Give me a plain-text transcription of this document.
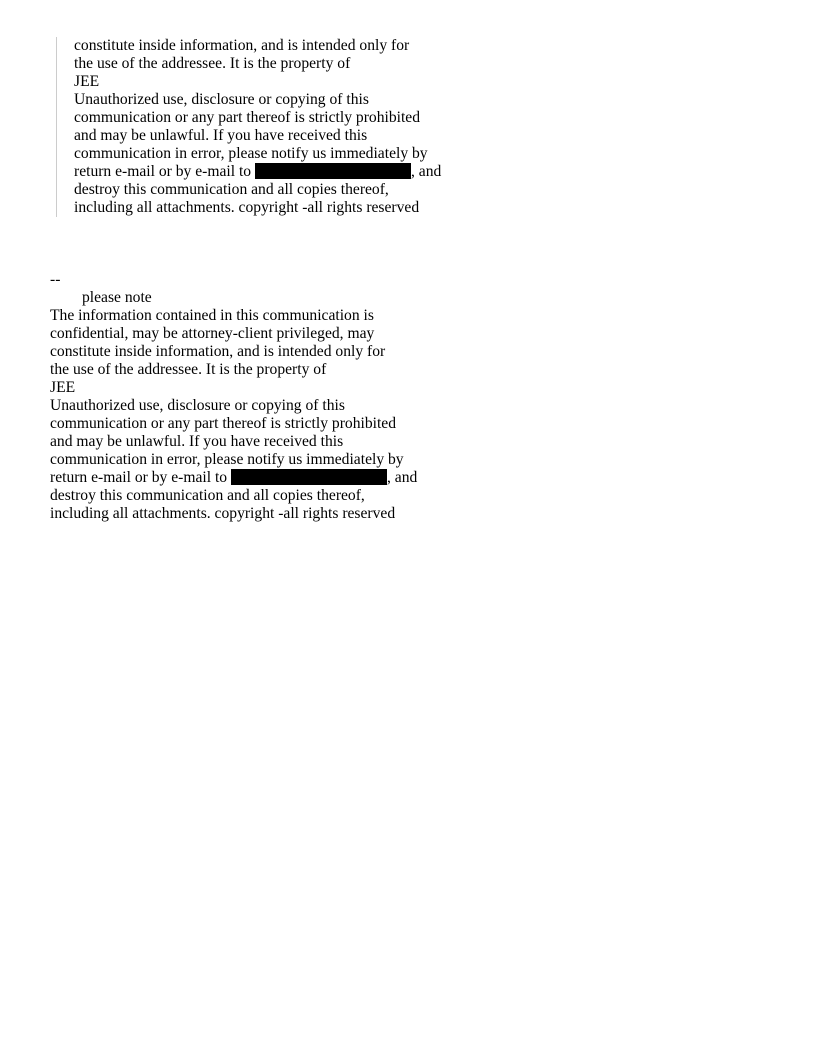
constitute inside information, and is intended only for
the use of the addressee. It is the property of
JEE
Unauthorized use, disclosure or copying of this
communication or any part thereof is strictly prohibited
and may be unlawful. If you have received this
communication in error, please notify us immediately by
return e-mail or by e-mail to	, and
destroy this communication and all copies thereof,
including all attachments. copyright -all rights reserved
--
please note
The information contained in this communication is
confidential, may be attorney-client privileged, may
constitute inside information, and is intended only for
the use of the addressee. It is the property of
JEE
Unauthorized use, disclosure or copying of this
communication or any part thereof is strictly prohibited
and may be unlawful. If you have received this
communication in error, please notify us immediately by
return e-mail or by e-mail to	, and
destroy this communication and all copies thereof,
including all attachments. copyright -all rights reserved
